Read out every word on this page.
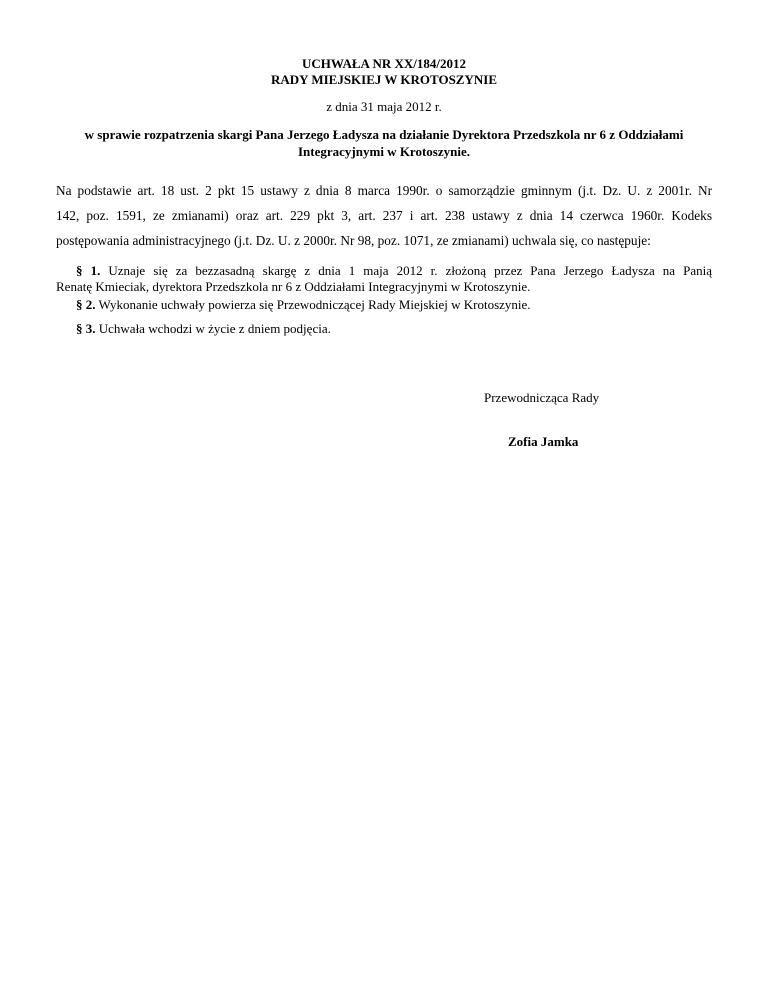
UCHWAŁA NR XX/184/2012
RADY MIEJSKIEJ W KROTOSZYNIE
z dnia 31 maja 2012 r.
w sprawie rozpatrzenia skargi Pana Jerzego Ładysza na działanie Dyrektora Przedszkola nr 6 z Oddziałami
Integracyjnymi w Krotoszynie.
Na podstawie art. 18 ust. 2 pkt 15 ustawy z dnia 8 marca 1990r. o samorządzie gminnym (j.t. Dz. U. z 2001r. Nr
142, poz. 1591, ze zmianami) oraz art. 229 pkt 3, art. 237 i art. 238 ustawy z dnia 14 czerwca 1960r. Kodeks
postępowania administracyjnego (j.t. Dz. U. z 2000r. Nr 98, poz. 1071, ze zmianami) uchwala się, co następuje:
§ 1. Uznaje się za bezzasadną skargę z dnia 1 maja 2012 r. złożoną przez Pana Jerzego Ładysza na Panią
Renatę Kmieciak, dyrektora Przedszkola nr 6 z Oddziałami Integracyjnymi w Krotoszynie.
§ 2. Wykonanie uchwały powierza się Przewodniczącej Rady Miejskiej w Krotoszynie.
§ 3. Uchwała wchodzi w życie z dniem podjęcia.
Przewodnicząca Rady
Zofia Jamka
